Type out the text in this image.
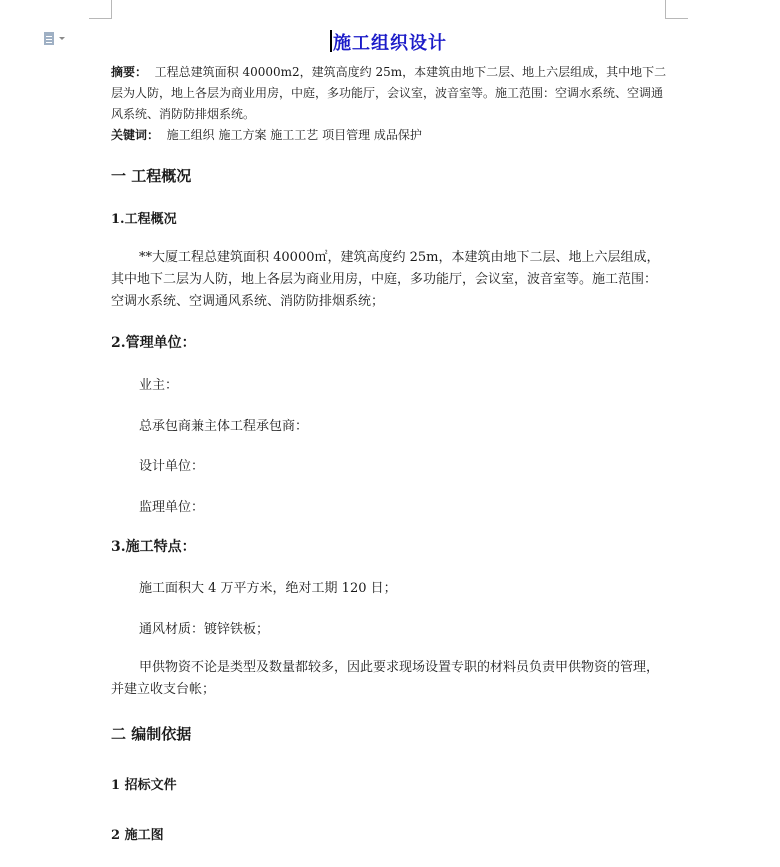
施工组织设计
摘要： 工程总建筑面积 40000m2，建筑高度约 25m，本建筑由地下二层、地上六层组成，其中地下二层为人防，地上各层为商业用房，中庭，多功能厅，会议室，波音室等。施工范围：空调水系统、空调通风系统、消防防排烟系统。
关键词： 施工组织 施工方案 施工工艺 项目管理 成品保护
一 工程概况
1.工程概况
**大厦工程总建筑面积 40000㎡，建筑高度约 25m，本建筑由地下二层、地上六层组成，其中地下二层为人防，地上各层为商业用房，中庭，多功能厅，会议室，波音室等。施工范围：空调水系统、空调通风系统、消防防排烟系统；
2.管理单位：
业主：
总承包商兼主体工程承包商：
设计单位：
监理单位：
3.施工特点：
施工面积大 4 万平方米，绝对工期 120 日；
通风材质：镀锌铁板；
甲供物资不论是类型及数量都较多，因此要求现场设置专职的材料员负责甲供物资的管理，并建立收支台帐；
二 编制依据
1 招标文件
2 施工图
